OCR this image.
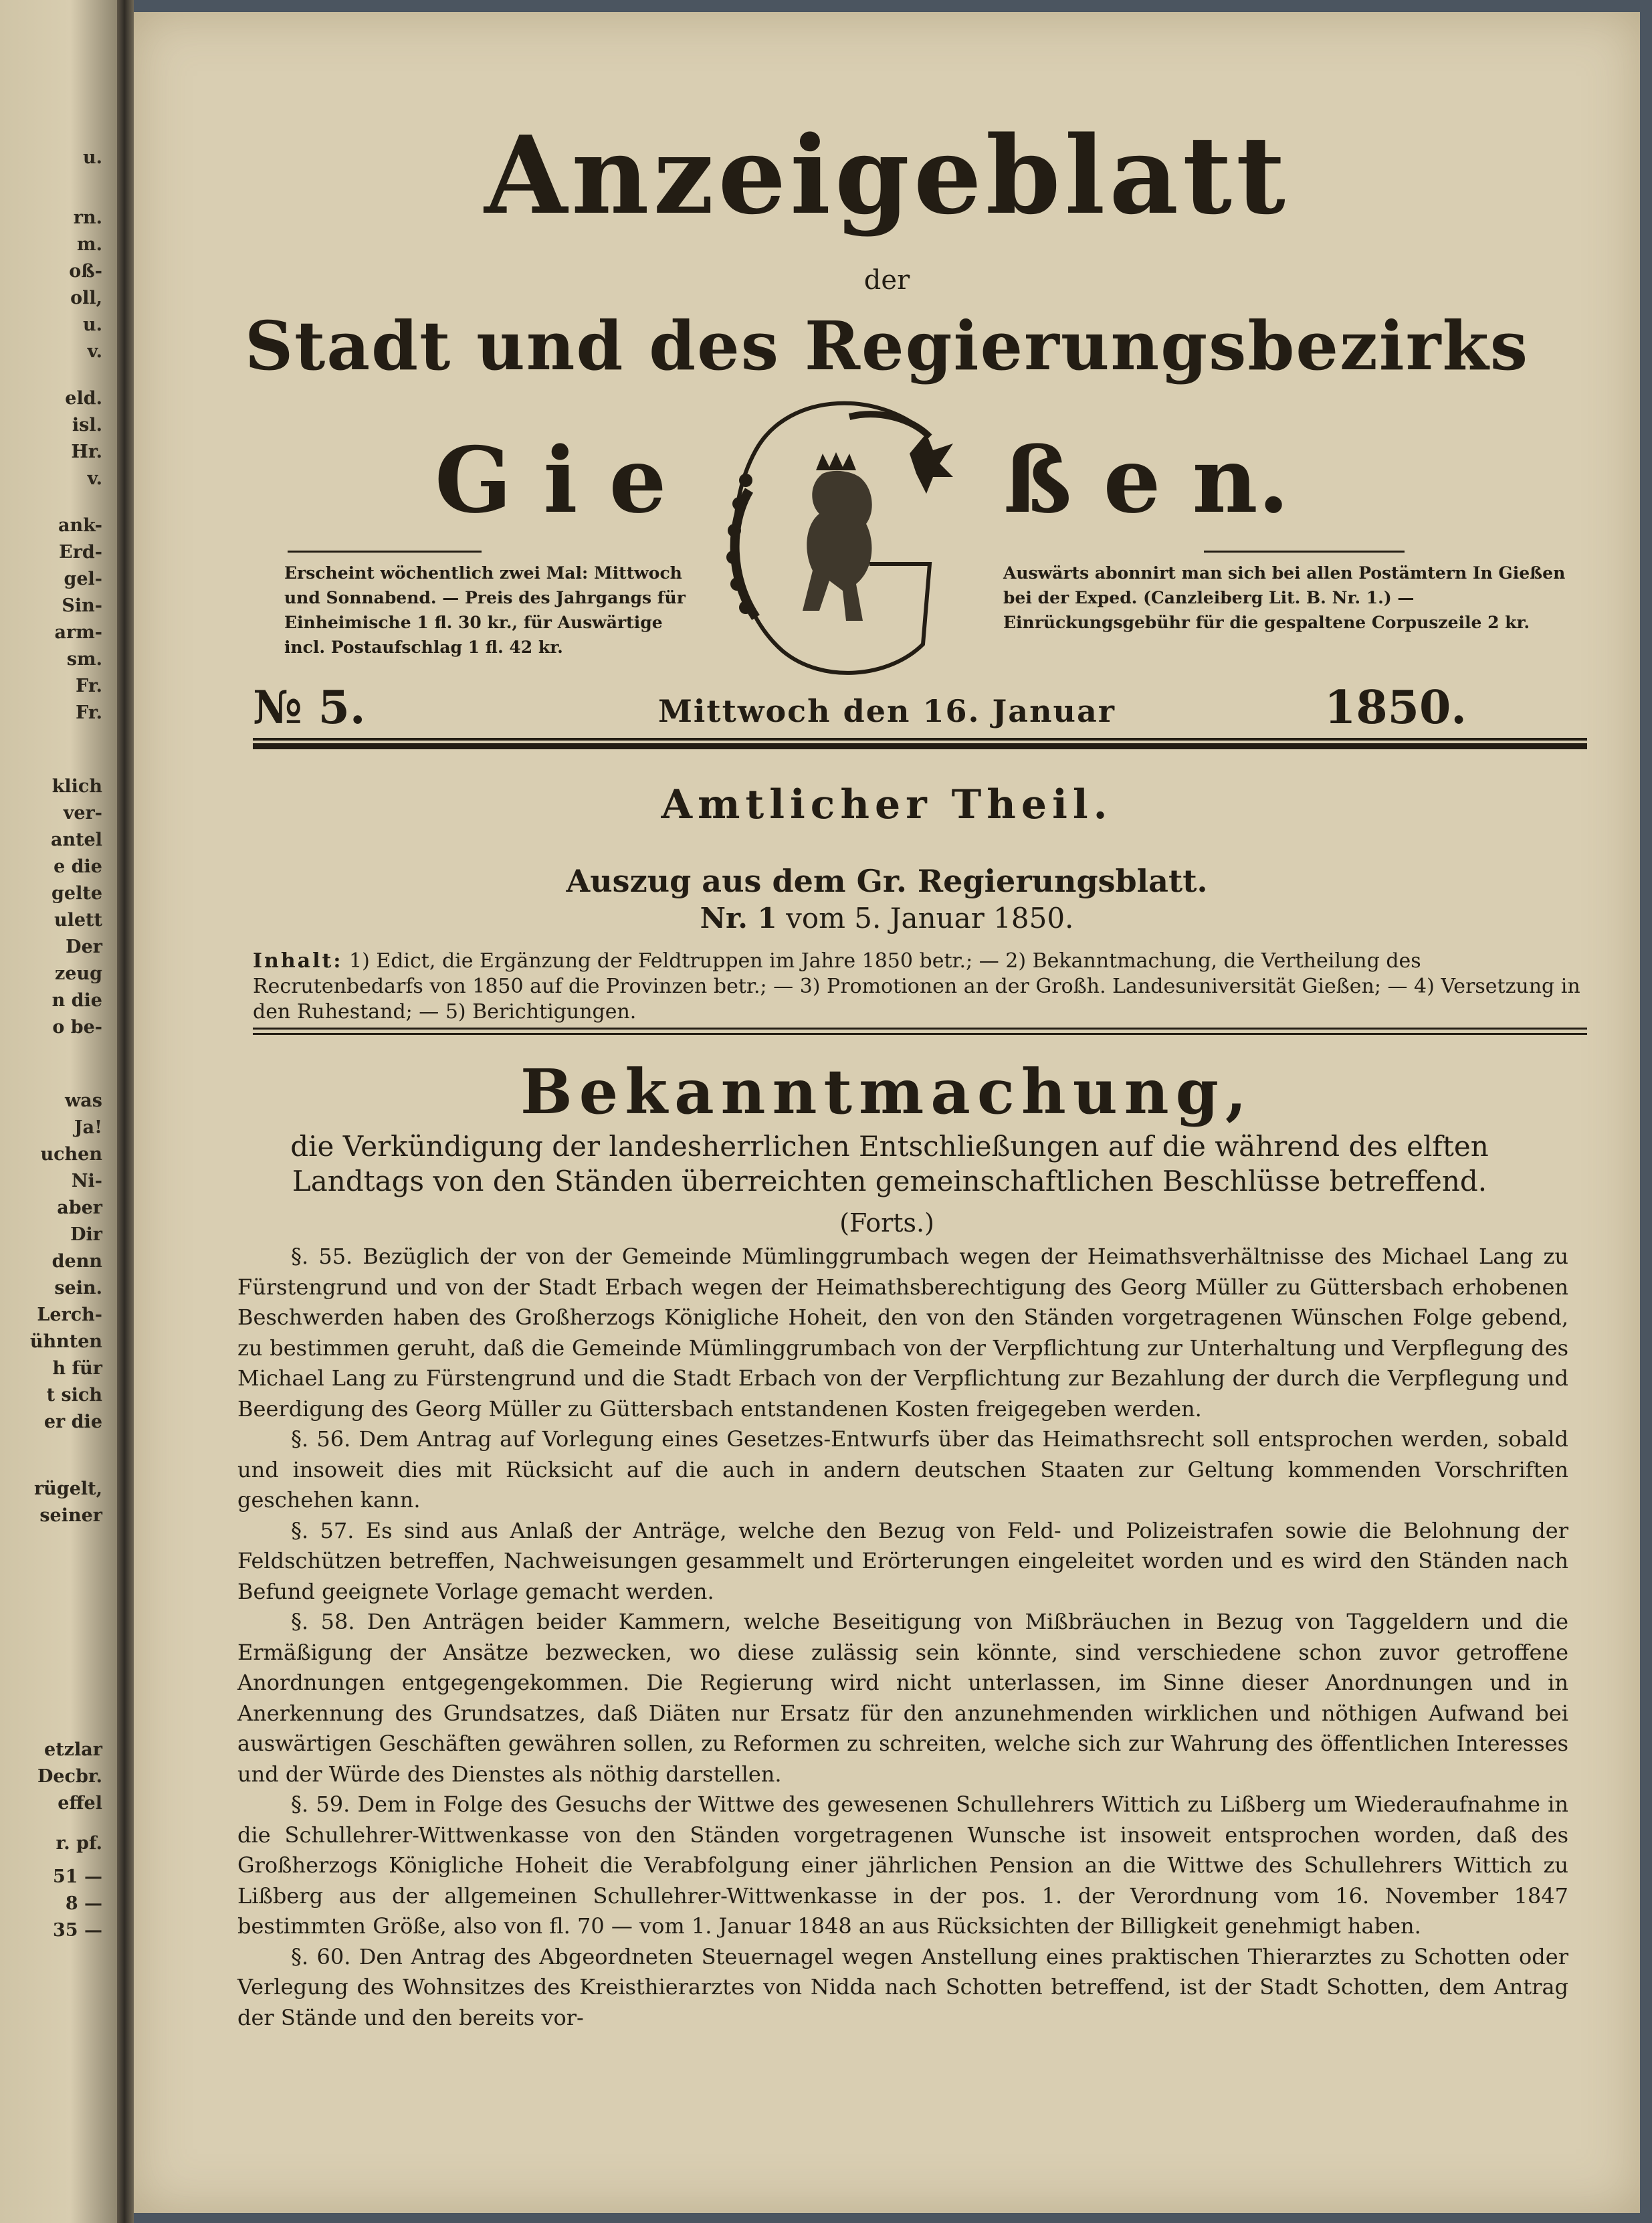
u.
rn.
m.
oß-
oll,
u.
v.
eld.
isl.
Hr.
v.
ank-
Erd-
gel-
Sin-
arm-
sm.
Fr.
Fr.
klich
ver-
antel
e die
gelte
ulett
Der
zeug
n die
o be-
was
Ja!
uchen
Ni-
aber
Dir
denn
sein.
Lerch-
ühnten
h für
t sich
er die
rügelt,
seiner
etzlar
Decbr.
effel
r. pf.
51 —
8 —
35 —
Anzeigeblatt
der
Stadt und des Regierungsbezirks
G i e	ß e n.
Erscheint wöchentlich zwei Mal: Mittwoch und Sonnabend. — Preis des Jahrgangs für Einheimische 1 fl. 30 kr., für Auswärtige incl. Postaufschlag 1 fl. 42 kr.
Auswärts abonnirt man sich bei allen Postämtern In Gießen bei der Exped. (Canzleiberg Lit. B. Nr. 1.) — Einrückungsgebühr für die gespaltene Corpuszeile 2 kr.
№ 5.	Mittwoch den 16. Januar	1850.
Amtlicher Theil.
Auszug aus dem Gr. Regierungsblatt.
Nr. 1 vom 5. Januar 1850.
Inhalt: 1) Edict, die Ergänzung der Feldtruppen im Jahre 1850 betr.; — 2) Bekanntmachung, die Vertheilung des Recrutenbedarfs von 1850 auf die Provinzen betr.; — 3) Promotionen an der Großh. Landesuniversität Gießen; — 4) Versetzung in den Ruhestand; — 5) Berichtigungen.
Bekanntmachung,
die Verkündigung der landesherrlichen Entschließungen auf die während des elften Landtags von den Ständen überreichten gemeinschaftlichen Beschlüsse betreffend.
(Forts.)

§. 55. Bezüglich der von der Gemeinde Mümlinggrumbach wegen der Heimathsverhältnisse des Michael Lang zu Fürstengrund und von der Stadt Erbach wegen der Heimathsberechtigung des Georg Müller zu Güttersbach erhobenen Beschwerden haben des Großherzogs Königliche Hoheit, den von den Ständen vorgetragenen Wünschen Folge gebend, zu bestimmen geruht, daß die Gemeinde Mümlinggrumbach von der Verpflichtung zur Unterhaltung und Verpflegung des Michael Lang zu Fürstengrund und die Stadt Erbach von der Verpflichtung zur Bezahlung der durch die Verpflegung und Beerdigung des Georg Müller zu Güttersbach entstandenen Kosten freigegeben werden.

§. 56. Dem Antrag auf Vorlegung eines Gesetzes-Entwurfs über das Heimathsrecht soll entsprochen werden, sobald und insoweit dies mit Rücksicht auf die auch in andern deutschen Staaten zur Geltung kommenden Vorschriften geschehen kann.

§. 57. Es sind aus Anlaß der Anträge, welche den Bezug von Feld- und Polizeistrafen sowie die Belohnung der Feldschützen betreffen, Nachweisungen gesammelt und Erörterungen eingeleitet worden und es wird den Ständen nach Befund geeignete Vorlage gemacht werden.

§. 58. Den Anträgen beider Kammern, welche Beseitigung von Mißbräuchen in Bezug von Taggeldern und die Ermäßigung der Ansätze bezwecken, wo diese zulässig sein könnte, sind verschiedene schon zuvor getroffene Anordnungen entgegengekommen. Die Regierung wird nicht unterlassen, im Sinne dieser Anordnungen und in Anerkennung des Grundsatzes, daß Diäten nur Ersatz für den anzunehmenden wirklichen und nöthigen Aufwand bei auswärtigen Geschäften gewähren sollen, zu Reformen zu schreiten, welche sich zur Wahrung des öffentlichen Interesses und der Würde des Dienstes als nöthig darstellen.

§. 59. Dem in Folge des Gesuchs der Wittwe des gewesenen Schullehrers Wittich zu Lißberg um Wiederaufnahme in die Schullehrer-Wittwenkasse von den Ständen vorgetragenen Wunsche ist insoweit entsprochen worden, daß des Großherzogs Königliche Hoheit die Verabfolgung einer jährlichen Pension an die Wittwe des Schullehrers Wittich zu Lißberg aus der allgemeinen Schullehrer-Wittwenkasse in der pos. 1. der Verordnung vom 16. November 1847 bestimmten Größe, also von fl. 70 — vom 1. Januar 1848 an aus Rücksichten der Billigkeit genehmigt haben.

§. 60. Den Antrag des Abgeordneten Steuernagel wegen Anstellung eines praktischen Thierarztes zu Schotten oder Verlegung des Wohnsitzes des Kreisthierarztes von Nidda nach Schotten betreffend, ist der Stadt Schotten, dem Antrag der Stände und den bereits vor-
